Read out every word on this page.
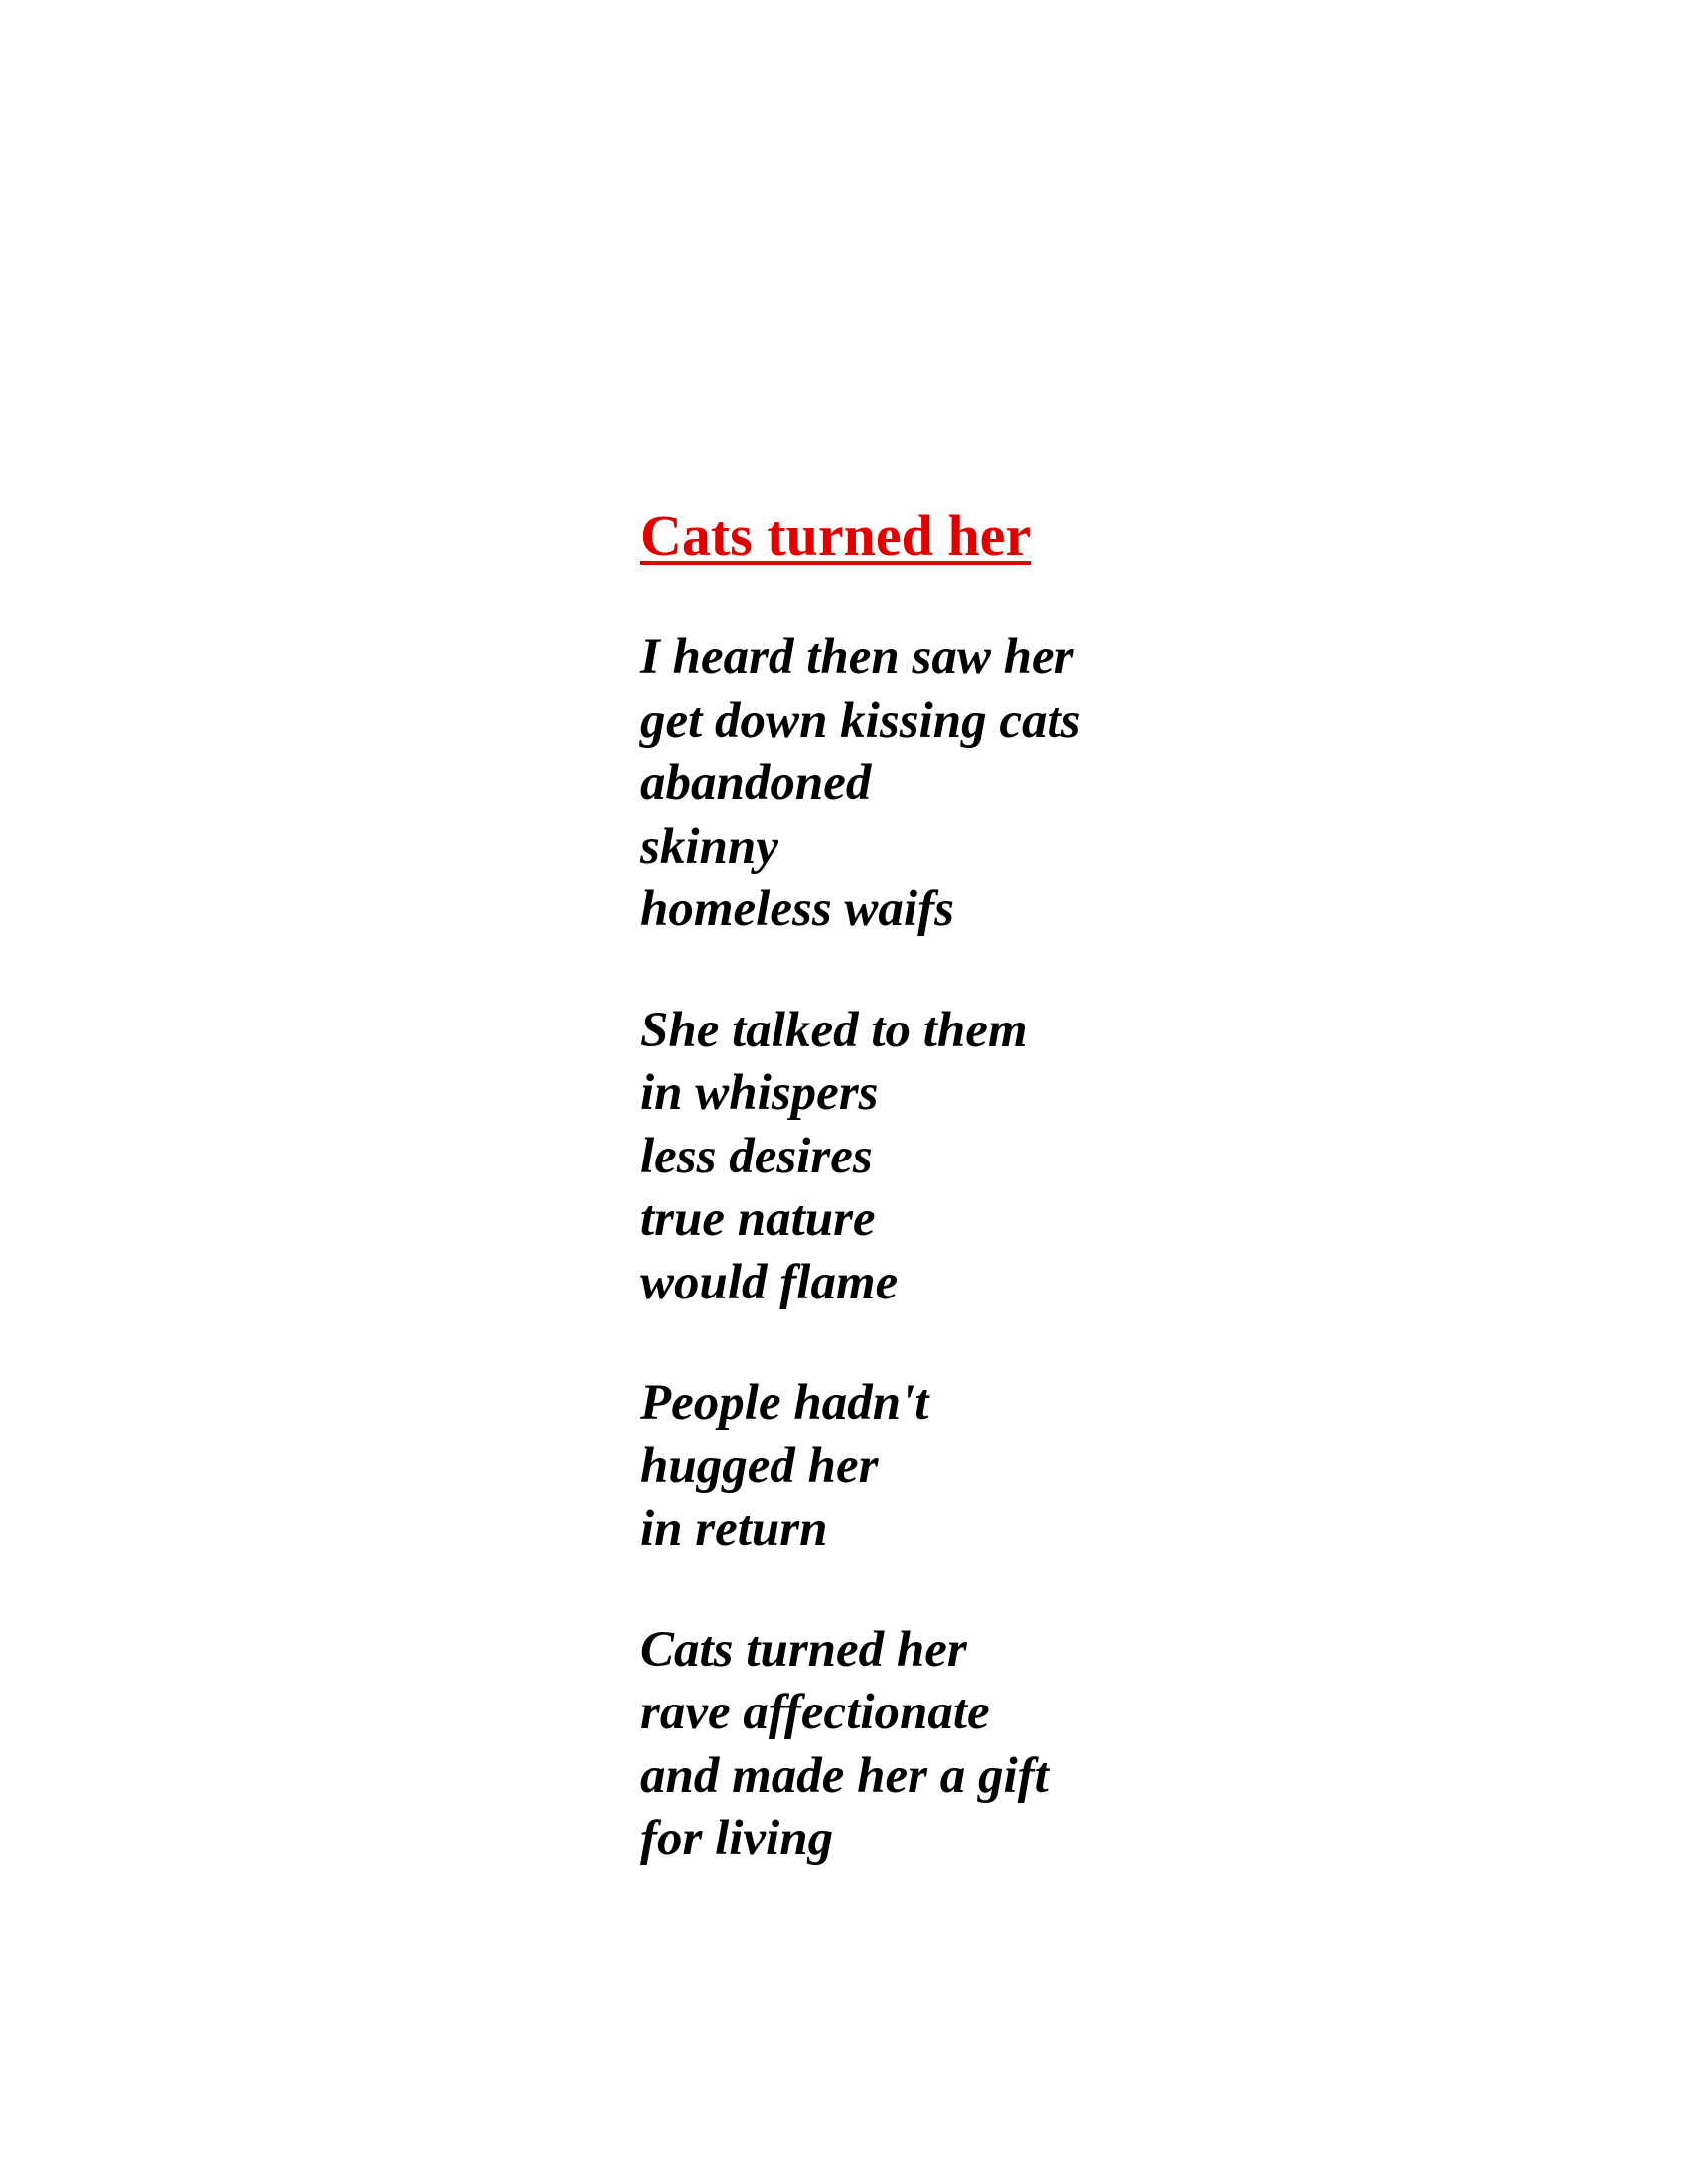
Cats turned her
I heard then saw her
get down kissing cats
abandoned
skinny
homeless waifs
She talked to them
in whispers
less desires
true nature
would flame
People hadn't
hugged her
in return
Cats turned her
rave affectionate
and made her a gift
for living
